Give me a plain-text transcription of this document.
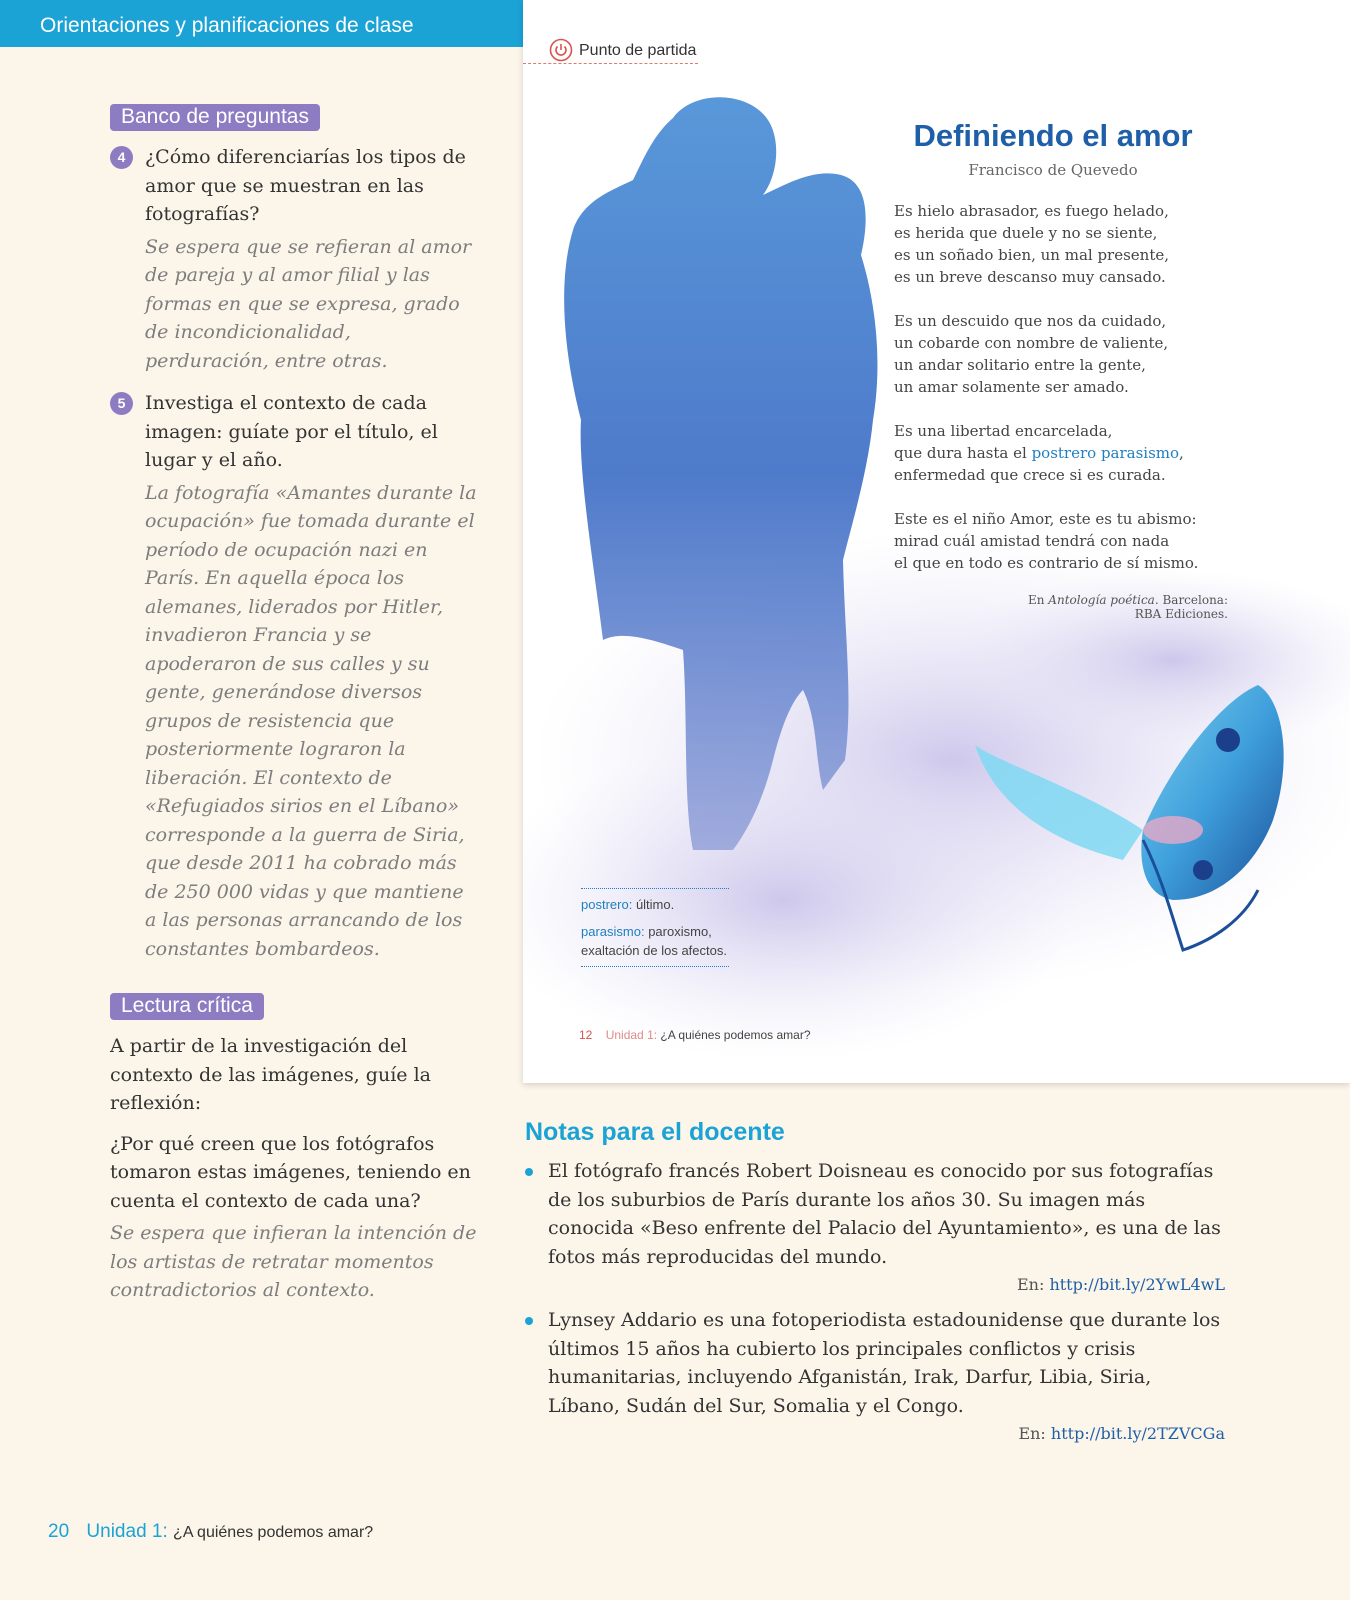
Orientaciones y planificaciones de clase
Banco de preguntas
4	¿Cómo diferenciarías los tipos de amor que se muestran en las fotografías?
Se espera que se refieran al amor de pareja y al amor filial y las formas en que se expresa, grado de incondicionalidad, perduración, entre otras.
5	Investiga el contexto de cada imagen: guíate por el título, el lugar y el año.
La fotografía «Amantes durante la ocupación» fue tomada durante el período de ocupación nazi en París. En aquella época los alemanes, liderados por Hitler, invadieron Francia y se apoderaron de sus calles y su gente, generándose diversos grupos de resistencia que posteriormente lograron la liberación. El contexto de «Refugiados sirios en el Líbano» corresponde a la guerra de Siria, que desde 2011 ha cobrado más de 250 000 vidas y que mantiene a las personas arrancando de los constantes bombardeos.
Lectura crítica
A partir de la investigación del contexto de las imágenes, guíe la reflexión:
¿Por qué creen que los fotógrafos tomaron estas imágenes, teniendo en cuenta el contexto de cada una?
Se espera que infieran la intención de los artistas de retratar momentos contradictorios al contexto.
Punto de partida
Definiendo el amor
Francisco de Quevedo
Es hielo abrasador, es fuego helado,
es herida que duele y no se siente,
es un soñado bien, un mal presente,
es un breve descanso muy cansado.
Es un descuido que nos da cuidado,
un cobarde con nombre de valiente,
un andar solitario entre la gente,
un amar solamente ser amado.
Es una libertad encarcelada,
que dura hasta el postrero parasismo,
enfermedad que crece si es curada.
Este es el niño Amor, este es tu abismo:
mirad cuál amistad tendrá con nada
el que en todo es contrario de sí mismo.
En Antología poética. Barcelona:
RBA Ediciones.
postrero: último.
parasismo: paroxismo, exaltación de los afectos.
12 Unidad 1: ¿A quiénes podemos amar?
Notas para el docente
El fotógrafo francés Robert Doisneau es conocido por sus fotografías de los suburbios de París durante los años 30. Su imagen más conocida «Beso enfrente del Palacio del Ayuntamiento», es una de las fotos más reproducidas del mundo.
En: http://bit.ly/2YwL4wL
Lynsey Addario es una fotoperiodista estadounidense que durante los últimos 15 años ha cubierto los principales conflictos y crisis humanitarias, incluyendo Afganistán, Irak, Darfur, Libia, Siria, Líbano, Sudán del Sur, Somalia y el Congo.
En: http://bit.ly/2TZVCGa
20 Unidad 1: ¿A quiénes podemos amar?
